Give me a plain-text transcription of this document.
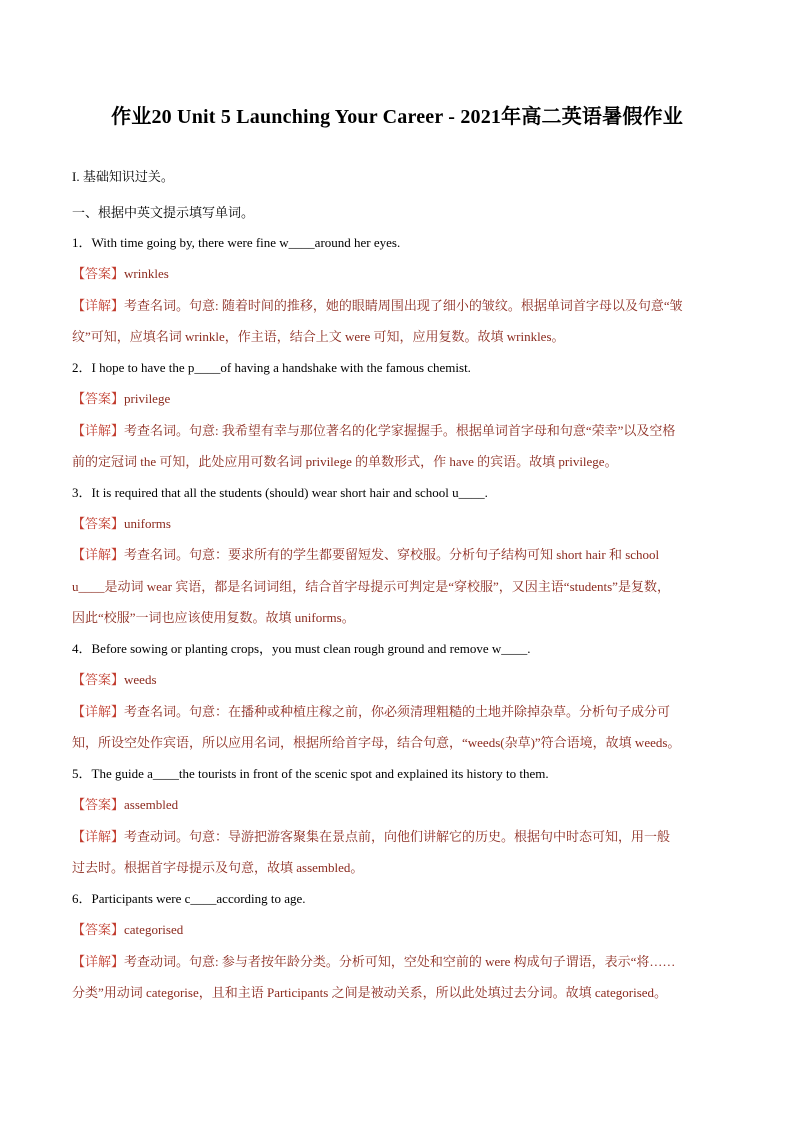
作业20 Unit 5 Launching Your Career - 2021年高二英语暑假作业
I. 基础知识过关。
一、根据中英文提示填写单词。
1．With time going by, there were fine w____around her eyes.
【答案】wrinkles
【详解】考查名词。句意: 随着时间的推移，她的眼睛周围出现了细小的皱纹。根据单词首字母以及句意“皱
纹”可知，应填名词 wrinkle，作主语，结合上文 were 可知，应用复数。故填 wrinkles。
2．I hope to have the p____of having a handshake with the famous chemist.
【答案】privilege
【详解】考查名词。句意: 我希望有幸与那位著名的化学家握握手。根据单词首字母和句意“荣幸”以及空格
前的定冠词 the 可知，此处应用可数名词 privilege 的单数形式，作 have 的宾语。故填 privilege。
3．It is required that all the students (should) wear short hair and school u____.
【答案】uniforms
【详解】考查名词。句意：要求所有的学生都要留短发、穿校服。分析句子结构可知 short hair 和 school
u____是动词 wear 宾语，都是名词词组，结合首字母提示可判定是“穿校服”，又因主语“students”是复数，
因此“校服”一词也应该使用复数。故填 uniforms。
4．Before sowing or planting crops，you must clean rough ground and remove w____.
【答案】weeds
【详解】考查名词。句意：在播种或种植庄稼之前，你必须清理粗糙的土地并除掉杂草。分析句子成分可
知，所设空处作宾语，所以应用名词，根据所给首字母，结合句意，“weeds(杂草)”符合语境，故填 weeds。
5．The guide a____the tourists in front of the scenic spot and explained its history to them.
【答案】assembled
【详解】考查动词。句意：导游把游客聚集在景点前，向他们讲解它的历史。根据句中时态可知，用一般
过去时。根据首字母提示及句意，故填 assembled。
6．Participants were c____according to age.
【答案】categorised
【详解】考查动词。句意: 参与者按年龄分类。分析可知，空处和空前的 were 构成句子谓语，表示“将……
分类”用动词 categorise，且和主语 Participants 之间是被动关系，所以此处填过去分词。故填 categorised。
